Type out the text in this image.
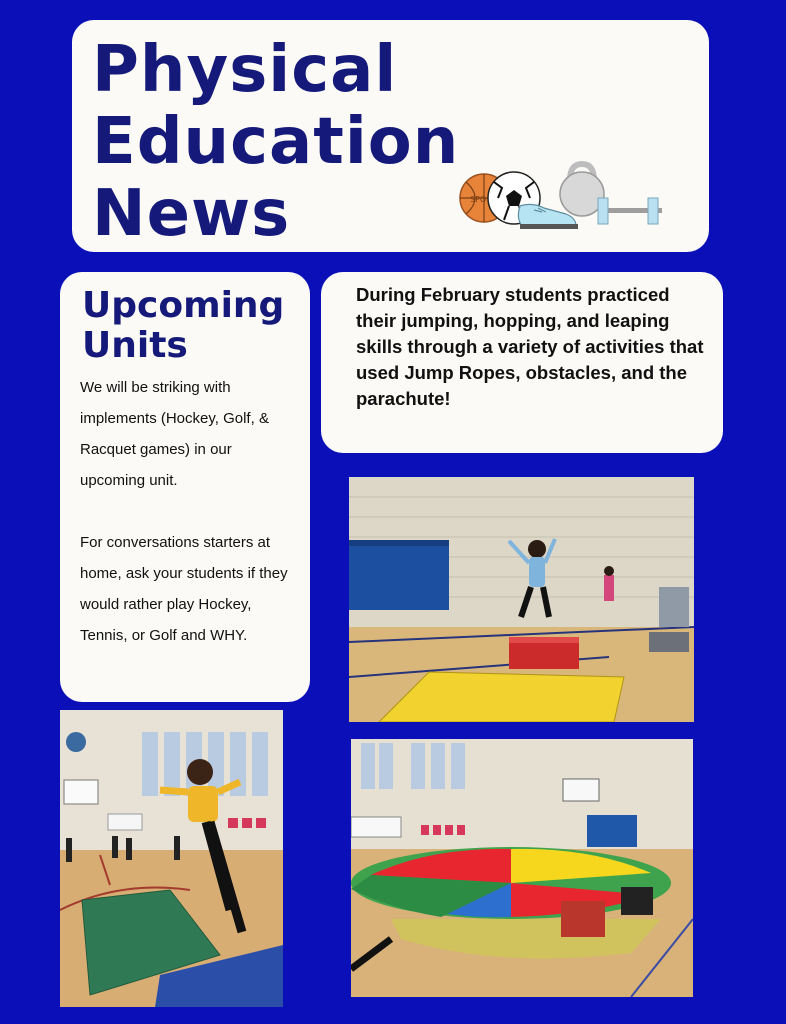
Physical
Education
News	SPO
Upcoming
Units

We will be striking with implements (Hockey, Golf, & Racquet games) in our upcoming unit.

For conversations starters at home, ask your students if they would rather play Hockey, Tennis, or Golf and WHY.

During February students practiced their jumping, hopping, and leaping skills through a variety of activities that used Jump Ropes, obstacles, and the parachute!
